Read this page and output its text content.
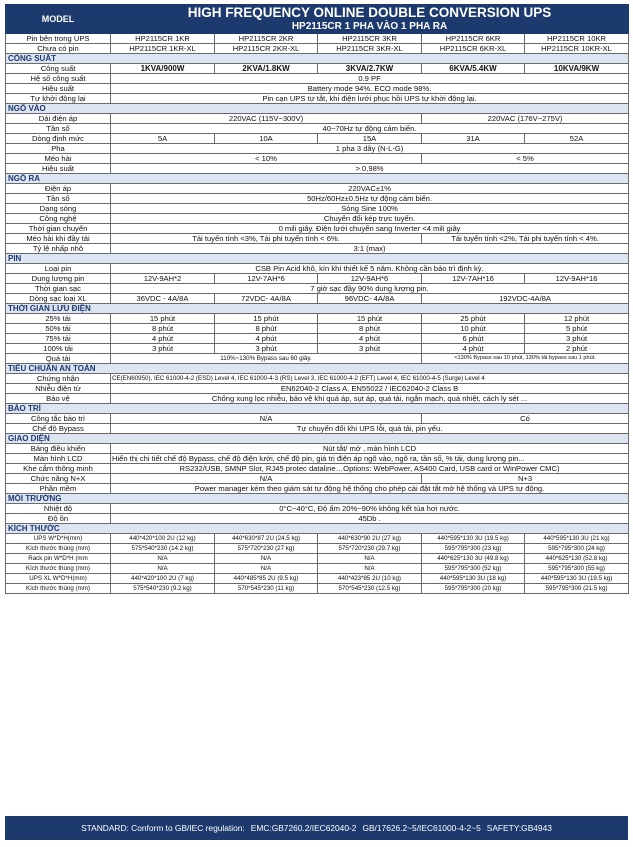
MODEL	HIGH FREQUENCY ONLINE DOUBLE CONVERSION UPS
HP2115CR 1 PHA VÀO 1 PHA RA				

Pin bên trong UPS	HP2115CR 1KR	HP2115CR 2KR	HP2115CR 3KR	HP2115CR 6KR	HP2115CR 10KR
Chưa có pin	HP2115CR 1KR-XL	HP2115CR 2KR-XL	HP2115CR 3KR-XL	HP2115CR 6KR-XL	HP2115CR 10KR-XL
CÔNG SUẤT					
Công suất	1KVA/900W	2KVA/1.8KW	3KVA/2.7KW	6KVA/5.4KW	10KVA/9KW
Hệ số công suất	0.9 PF				
Hiệu suất	Battery mode 94%. ECO mode 98%.				
Tự khởi động lại	Pin cạn UPS tự tắt, khi điện lưới phục hồi UPS tự khởi động lại.				
NGÕ VÀO					
Dải điện áp	220VAC (115V~300V)			220VAC (176V~275V)	
Tần số	40~70Hz tự động cảm biến.				
Dòng định mức	5A	10A	15A	31A	52A
Pha	1 pha 3 dây (N-L-G)				
Méo hài	< 10%			< 5%	
Hiệu suất	> 0,98%				
NGÕ RA					
Điện áp	220VAC±1%				
Tần số	50Hz/60Hz±0.5Hz tự động cảm biến.				
Dạng sóng	Sóng Sine 100%				
Công nghệ	Chuyển đổi kép trực tuyến.				
Thời gian chuyển	0 mili giây. Điện lưới chuyển sang Inverter <4 mili giây				
Méo hài khi đầy tải	Tải tuyến tính <3%, Tải phi tuyến tính < 6%.			Tải tuyến tính <2%, Tải phi tuyến tính < 4%.	
Tỷ lệ nhấp nhô	3:1 (max)				
PIN					
Loại pin	CSB Pin Acid khô, kín khí thiết kế 5 năm. Không cần bảo trì định kỳ.				
Dung lượng pin	12V-9AH*2	12V-7AH*6	12V-9AH*6	12V-7AH*16	12V-9AH*16
Thời gian sạc	7 giờ sạc đầy 90% dung lượng pin.				
Dòng sạc loại XL	36VDC - 4A/8A	72VDC- 4A/8A	96VDC- 4A/8A	192VDC-4A/8A	
THỜI GIAN LƯU ĐIỆN					
25% tải	15 phút	15 phút	15 phút	25 phút	12 phút
50% tải	8 phút	8 phút	8 phút	10 phút	5 phút
75% tải	4 phút	4 phút	4 phút	6 phút	3 phút
100% tải	3 phút	3 phút	3 phút	4 phút	2 phút
Quá tải	110%~130% Bypass sau 60 giây.			<130% Bypass sau 10 phút, 130% tải bypass sau 1 phút.	
TIÊU CHUẨN AN TOÀN					
Chứng nhận	CE(EN60950), IEC 61000-4-2 (ESD) Level 4, IEC 61000-4-3 (RS) Level 3, IEC 61000-4-2 (EFT) Level 4, IEC 61000-4-5 (Surge) Level 4				
Nhiễu điện từ	EN62040-2 Class A, EN55022 / IEC62040-2 Class B				
Bảo vệ	Chống xung lọc nhiễu, bảo vệ khi quá áp, sụt áp, quá tải, ngắn mạch, quá nhiệt, cách ly sét ...				
BẢO TRÌ					
Công tắc bảo trì	N/A			Có	
Chế độ Bypass	Tự chuyển đổi khi UPS lỗi, quá tải, pin yếu.				
GIAO DIỆN					
Bảng điều khiển	Nút tắt/ mở , màn hình LCD				
Màn hình LCD	Hiển thị chi tiết chế độ Bypass, chế độ điện lưới, chế độ pin, giá trị điện áp ngõ vào, ngõ ra, tần số, % tải, dung lượng pin...				
Khe cắm thông minh	RS232/USB, SMNP Slot, RJ45 protec dataline…Options: WebPower, AS400 Card, USB card or WinPower CMC)				
Chức năng N+X	N/A			N+3	
Phần mềm	Power manager kèm theo giám sát tự động hệ thống cho phép cài đặt tắt mở hệ thống và UPS tự động.				
MÔI TRƯỜNG					
Nhiệt độ	0°C~40°C, Độ ẩm 20%~90% không kết tủa hơi nước.				
Độ ồn	45Db .				
KÍCH THƯỚC					
UPS W*D*H(mm)	440*420*100 2U (12 kg)	440*630*87 2U (24.5 kg)	440*630*90 2U (27 kg)	440*595*130 3U (19.5 kg)	440*595*130 3U (21 kg)
Kích thước thùng (mm)	575*540*230 (14.2 kg)	575*720*230 (27 kg)	575*720*230 (29.7 kg)	595*795*300 (23 kg)	595*795*300 (24 kg)
Rack pin W*D*H (mm	N/A	N/A	N/A	440*625*130 3U (49.8 kg)	440*625*130 (52.8 kg)
Kích thước thùng (mm)	N/A	N/A	N/A	595*795*300 (52 kg)	595*795*300 (55 kg)
UPS XL W*D*H(mm)	440*420*100 2U (7 kg)	440*485*85 2U (9.5 kg)	440*423*85 2U (10 kg)	440*595*130 3U (18 kg)	440*595*130 3U (19.5 kg)
Kích thước thùng (mm)	575*540*230 (9.2 kg)	570*545*230 (11 kg)	570*545*230 (12.5 kg)	595*795*300 (20 kg)	595*795*300 (21.5 kg)
STANDARD: Conform to GB/IEC regulation: EMC:GB7260.2/IEC62040-2 GB/17626.2~5/IEC61000-4-2~5 SAFETY:GB4943
